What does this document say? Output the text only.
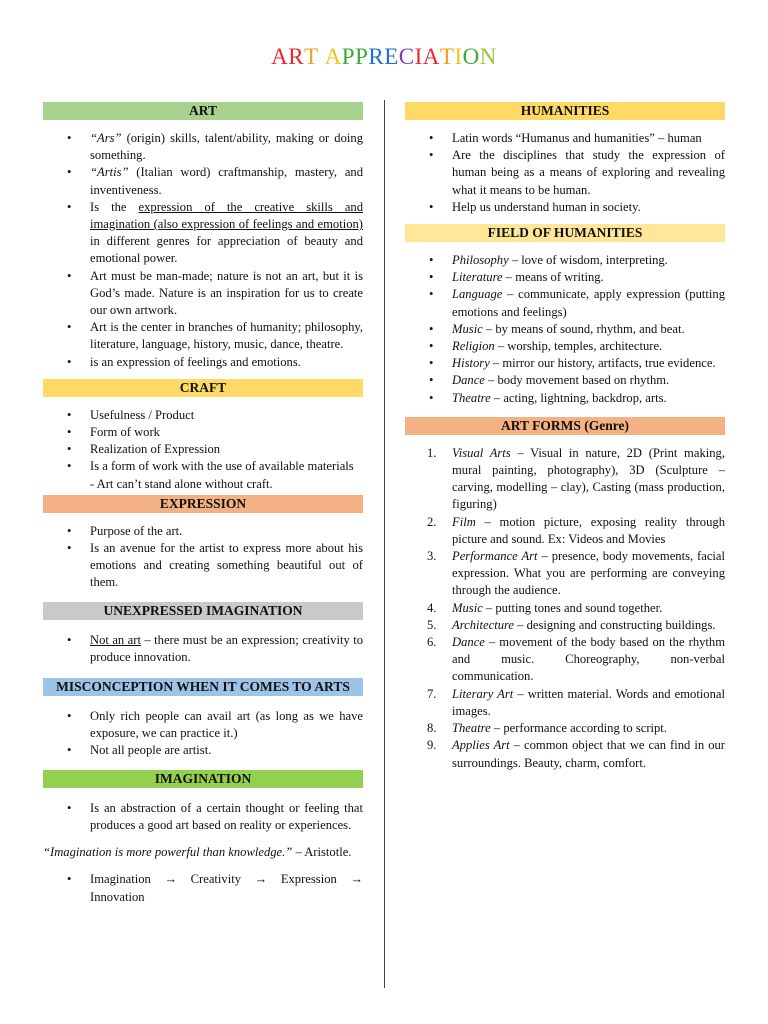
ART APPRECIATION
ART
• “Ars” (origin) skills, talent/ability, making or doing something.
• “Artis” (Italian word) craftmanship, mastery, and inventiveness.
• Is the expression of the creative skills and imagination (also expression of feelings and emotion) in different genres for appreciation of beauty and emotional power.
• Art must be man-made; nature is not an art, but it is God’s made. Nature is an inspiration for us to create our own artwork.
• Art is the center in branches of humanity; philosophy, literature, language, history, music, dance, theatre.
• is an expression of feelings and emotions.
CRAFT
• Usefulness / Product
• Form of work
• Realization of Expression
• Is a form of work with the use of available materials
- Art can’t stand alone without craft.
EXPRESSION
• Purpose of the art.
• Is an avenue for the artist to express more about his emotions and creating something beautiful out of them.
UNEXPRESSED IMAGINATION
• Not an art – there must be an expression; creativity to produce innovation.
MISCONCEPTION WHEN IT COMES TO ARTS
• Only rich people can avail art (as long as we have exposure, we can practice it.)
• Not all people are artist.
IMAGINATION
• Is an abstraction of a certain thought or feeling that produces a good art based on reality or experiences.
“Imagination is more powerful than knowledge.” – Aristotle.
• Imagination → Creativity → Expression → Innovation
HUMANITIES
• Latin words “Humanus and humanities” – human
• Are the disciplines that study the expression of human being as a means of exploring and revealing what it means to be human.
• Help us understand human in society.
FIELD OF HUMANITIES
• Philosophy – love of wisdom, interpreting.
• Literature – means of writing.
• Language – communicate, apply expression (putting emotions and feelings)
• Music – by means of sound, rhythm, and beat.
• Religion – worship, temples, architecture.
• History – mirror our history, artifacts, true evidence.
• Dance – body movement based on rhythm.
• Theatre – acting, lightning, backdrop, arts.
ART FORMS (Genre)
1. Visual Arts – Visual in nature, 2D (Print making, mural painting, photography), 3D (Sculpture – carving, modelling – clay), Casting (mass production, figuring)
2. Film – motion picture, exposing reality through picture and sound. Ex: Videos and Movies
3. Performance Art – presence, body movements, facial expression. What you are performing are conveying through the audience.
4. Music – putting tones and sound together.
5. Architecture – designing and constructing buildings.
6. Dance – movement of the body based on the rhythm and music. Choreography, non-verbal communication.
7. Literary Art – written material. Words and emotional images.
8. Theatre – performance according to script.
9. Applies Art – common object that we can find in our surroundings. Beauty, charm, comfort.
